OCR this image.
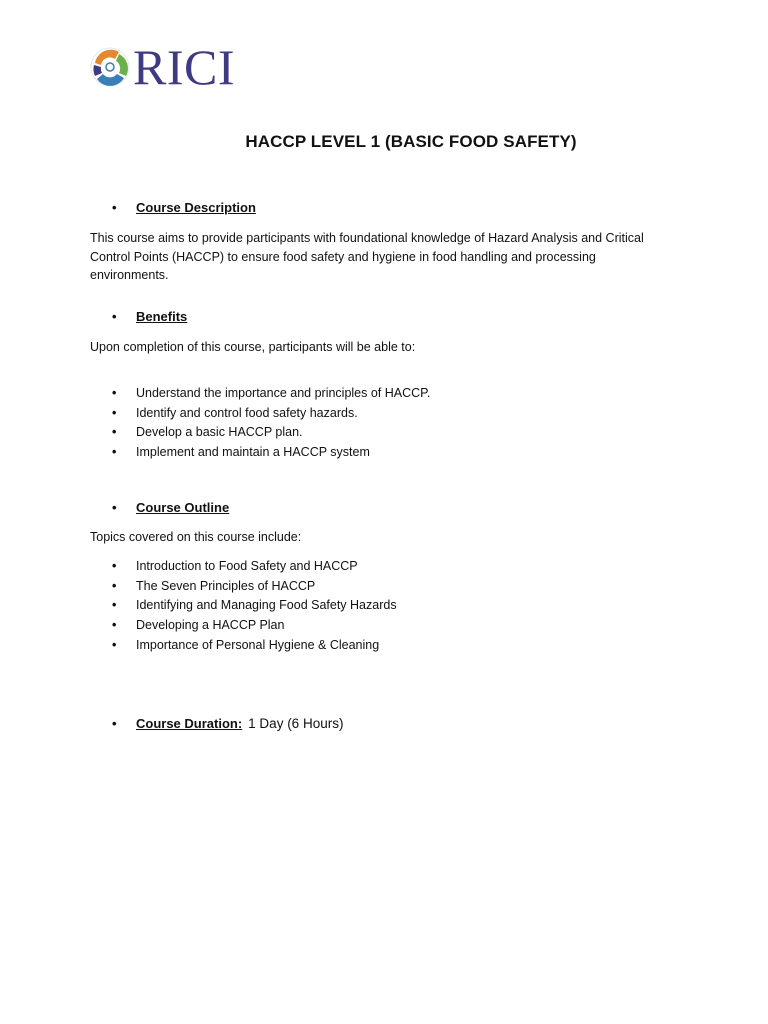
RICI
HACCP LEVEL 1 (BASIC FOOD SAFETY)
•	Course Description
This course aims to provide participants with foundational knowledge of Hazard Analysis and Critical Control Points (HACCP) to ensure food safety and hygiene in food handling and processing environments.
•	Benefits
Upon completion of this course, participants will be able to:
•	Understand the importance and principles of HACCP.
•	Identify and control food safety hazards.
•	Develop a basic HACCP plan.
•	Implement and maintain a HACCP system
•	Course Outline
Topics covered on this course include:
•	Introduction to Food Safety and HACCP
•	The Seven Principles of HACCP
•	Identifying and Managing Food Safety Hazards
•	Developing a HACCP Plan
•	Importance of Personal Hygiene & Cleaning
•	Course Duration: 1 Day (6 Hours)
